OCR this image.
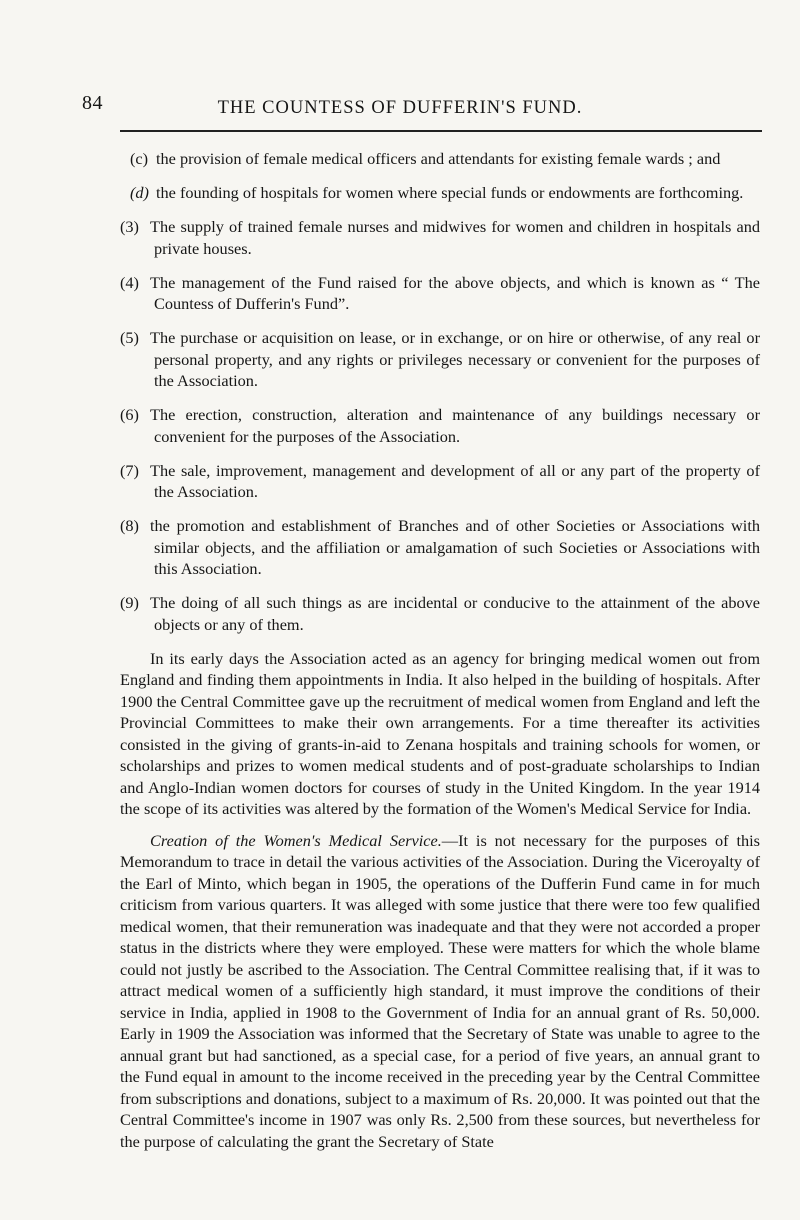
84	THE COUNTESS OF DUFFERIN'S FUND.
(c) the provision of female medical officers and attendants for existing female wards ; and
(d) the founding of hospitals for women where special funds or endowments are forthcoming.
(3) The supply of trained female nurses and midwives for women and children in hospitals and private houses.
(4) The management of the Fund raised for the above objects, and which is known as “ The Countess of Dufferin's Fund”.
(5) The purchase or acquisition on lease, or in exchange, or on hire or otherwise, of any real or personal property, and any rights or privileges necessary or convenient for the purposes of the Association.
(6) The erection, construction, alteration and maintenance of any buildings necessary or convenient for the purposes of the Association.
(7) The sale, improvement, management and development of all or any part of the property of the Association.
(8) the promotion and establishment of Branches and of other Societies or Associations with similar objects, and the affiliation or amalgamation of such Societies or Associations with this Association.
(9) The doing of all such things as are incidental or conducive to the attainment of the above objects or any of them.

In its early days the Association acted as an agency for bringing medical women out from England and finding them appointments in India. It also helped in the building of hospitals. After 1900 the Central Committee gave up the recruitment of medical women from England and left the Provincial Committees to make their own arrangements. For a time thereafter its activities consisted in the giving of grants-in-aid to Zenana hospitals and training schools for women, or scholarships and prizes to women medical students and of post-graduate scholarships to Indian and Anglo-Indian women doctors for courses of study in the United Kingdom. In the year 1914 the scope of its activities was altered by the formation of the Women's Medical Service for India.

Creation of the Women's Medical Service.—It is not necessary for the purposes of this Memorandum to trace in detail the various activities of the Association. During the Viceroyalty of the Earl of Minto, which began in 1905, the operations of the Dufferin Fund came in for much criticism from various quarters. It was alleged with some justice that there were too few qualified medical women, that their remuneration was inadequate and that they were not accorded a proper status in the districts where they were employed. These were matters for which the whole blame could not justly be ascribed to the Association. The Central Committee realising that, if it was to attract medical women of a sufficiently high standard, it must improve the conditions of their service in India, applied in 1908 to the Government of India for an annual grant of Rs. 50,000. Early in 1909 the Association was informed that the Secretary of State was unable to agree to the annual grant but had sanctioned, as a special case, for a period of five years, an annual grant to the Fund equal in amount to the income received in the preceding year by the Central Committee from subscriptions and donations, subject to a maximum of Rs. 20,000. It was pointed out that the Central Committee's income in 1907 was only Rs. 2,500 from these sources, but nevertheless for the purpose of calculating the grant the Secretary of State
